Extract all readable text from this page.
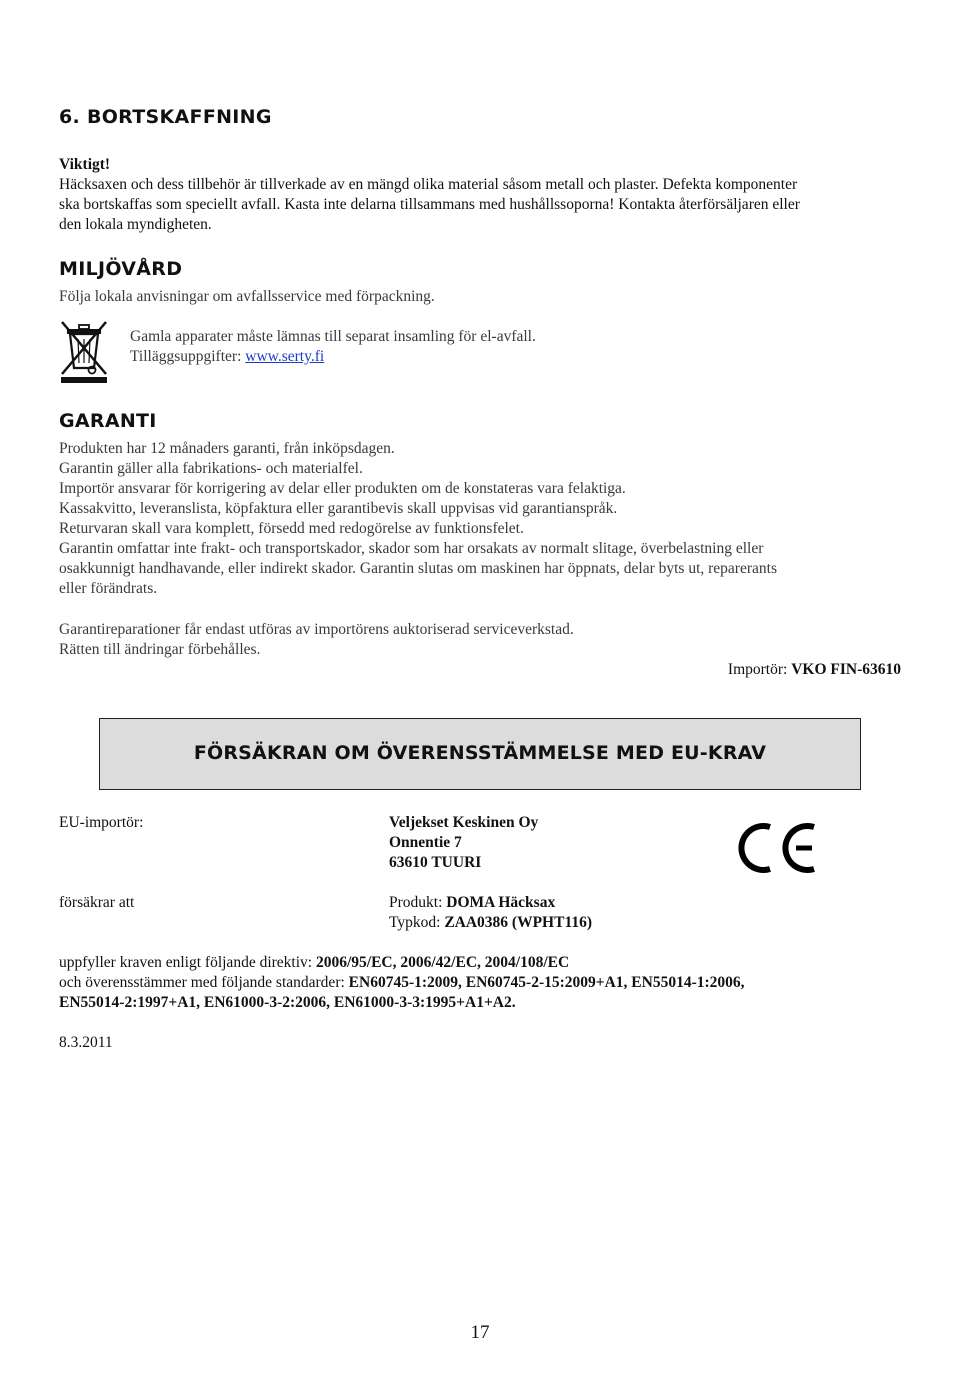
6. BORTSKAFFNING
Viktigt!
Häcksaxen och dess tillbehör är tillverkade av en mängd olika material såsom metall och plaster. Defekta komponenter
ska bortskaffas som speciellt avfall. Kasta inte delarna tillsammans med hushållssoporna! Kontakta återförsäljaren eller
den lokala myndigheten.
MILJÖVÅRD
Följa lokala anvisningar om avfallsservice med förpackning.
Gamla apparater måste lämnas till separat insamling för el-avfall.
Tilläggsuppgifter: www.serty.fi
GARANTI
Produkten har 12 månaders garanti, från inköpsdagen.
Garantin gäller alla fabrikations- och materialfel.
Importör ansvarar för korrigering av delar eller produkten om de konstateras vara felaktiga.
Kassakvitto, leveranslista, köpfaktura eller garantibevis skall uppvisas vid garantianspråk.
Returvaran skall vara komplett, försedd med redogörelse av funktionsfelet.
Garantin omfattar inte frakt- och transportskador, skador som har orsakats av normalt slitage, överbelastning eller
osakkunnigt handhavande, eller indirekt skador. Garantin slutas om maskinen har öppnats, delar byts ut, reparerants
eller förändrats.
Garantireparationer får endast utföras av importörens auktoriserad serviceverkstad.
Rätten till ändringar förbehålles.
Importör: VKO FIN-63610
FÖRSÄKRAN OM ÖVERENSSTÄMMELSE MED EU-KRAV
EU-importör:	Veljekset Keskinen Oy
Onnentie 7
63610 TUURI
försäkrar att	Produkt: DOMA Häcksax
Typkod: ZAA0386 (WPHT116)
uppfyller kraven enligt följande direktiv: 2006/95/EC, 2006/42/EC, 2004/108/EC
och överensstämmer med följande standarder: EN60745-1:2009, EN60745-2-15:2009+A1, EN55014-1:2006,
EN55014-2:1997+A1, EN61000-3-2:2006, EN61000-3-3:1995+A1+A2.
8.3.2011
17
